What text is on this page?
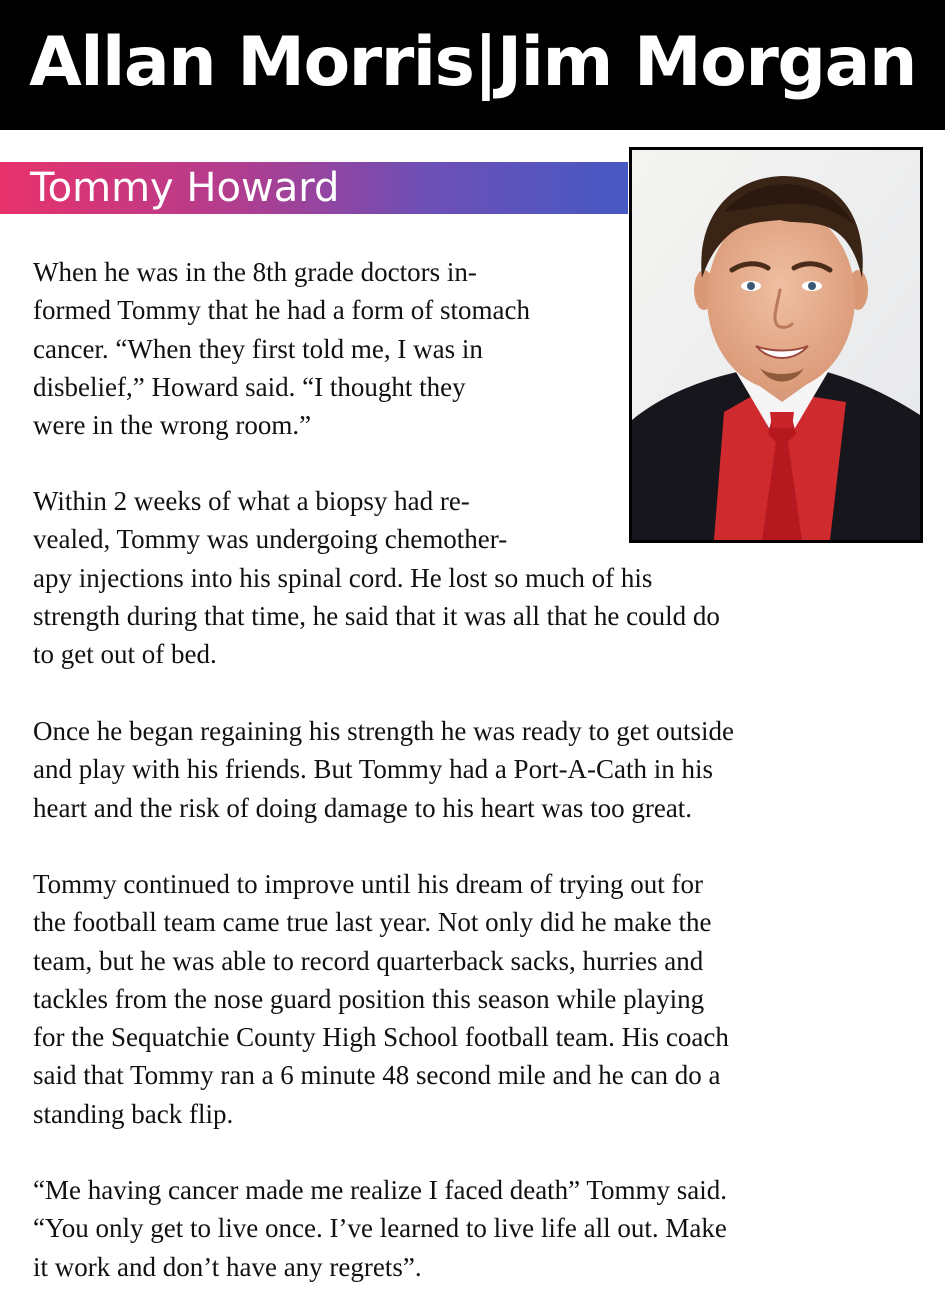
Allan Morris|Jim Morgan
Tommy Howard
When he was in the 8th grade doctors in-
formed Tommy that he had a form of stomach
cancer. “When they first told me, I was in
disbelief,” Howard said. “I thought they
were in the wrong room.”
Within 2 weeks of what a biopsy had re-
vealed, Tommy was undergoing chemother-
apy injections into his spinal cord. He lost so much of his
strength during that time, he said that it was all that he could do
to get out of bed.
Once he began regaining his strength he was ready to get outside
and play with his friends. But Tommy had a Port-A-Cath in his
heart and the risk of doing damage to his heart was too great.
Tommy continued to improve until his dream of trying out for
the football team came true last year. Not only did he make the
team, but he was able to record quarterback sacks, hurries and
tackles from the nose guard position this season while playing
for the Sequatchie County High School football team. His coach
said that Tommy ran a 6 minute 48 second mile and he can do a
standing back flip.
“Me having cancer made me realize I faced death” Tommy said.
“You only get to live once. I’ve learned to live life all out. Make
it work and don’t have any regrets”.
